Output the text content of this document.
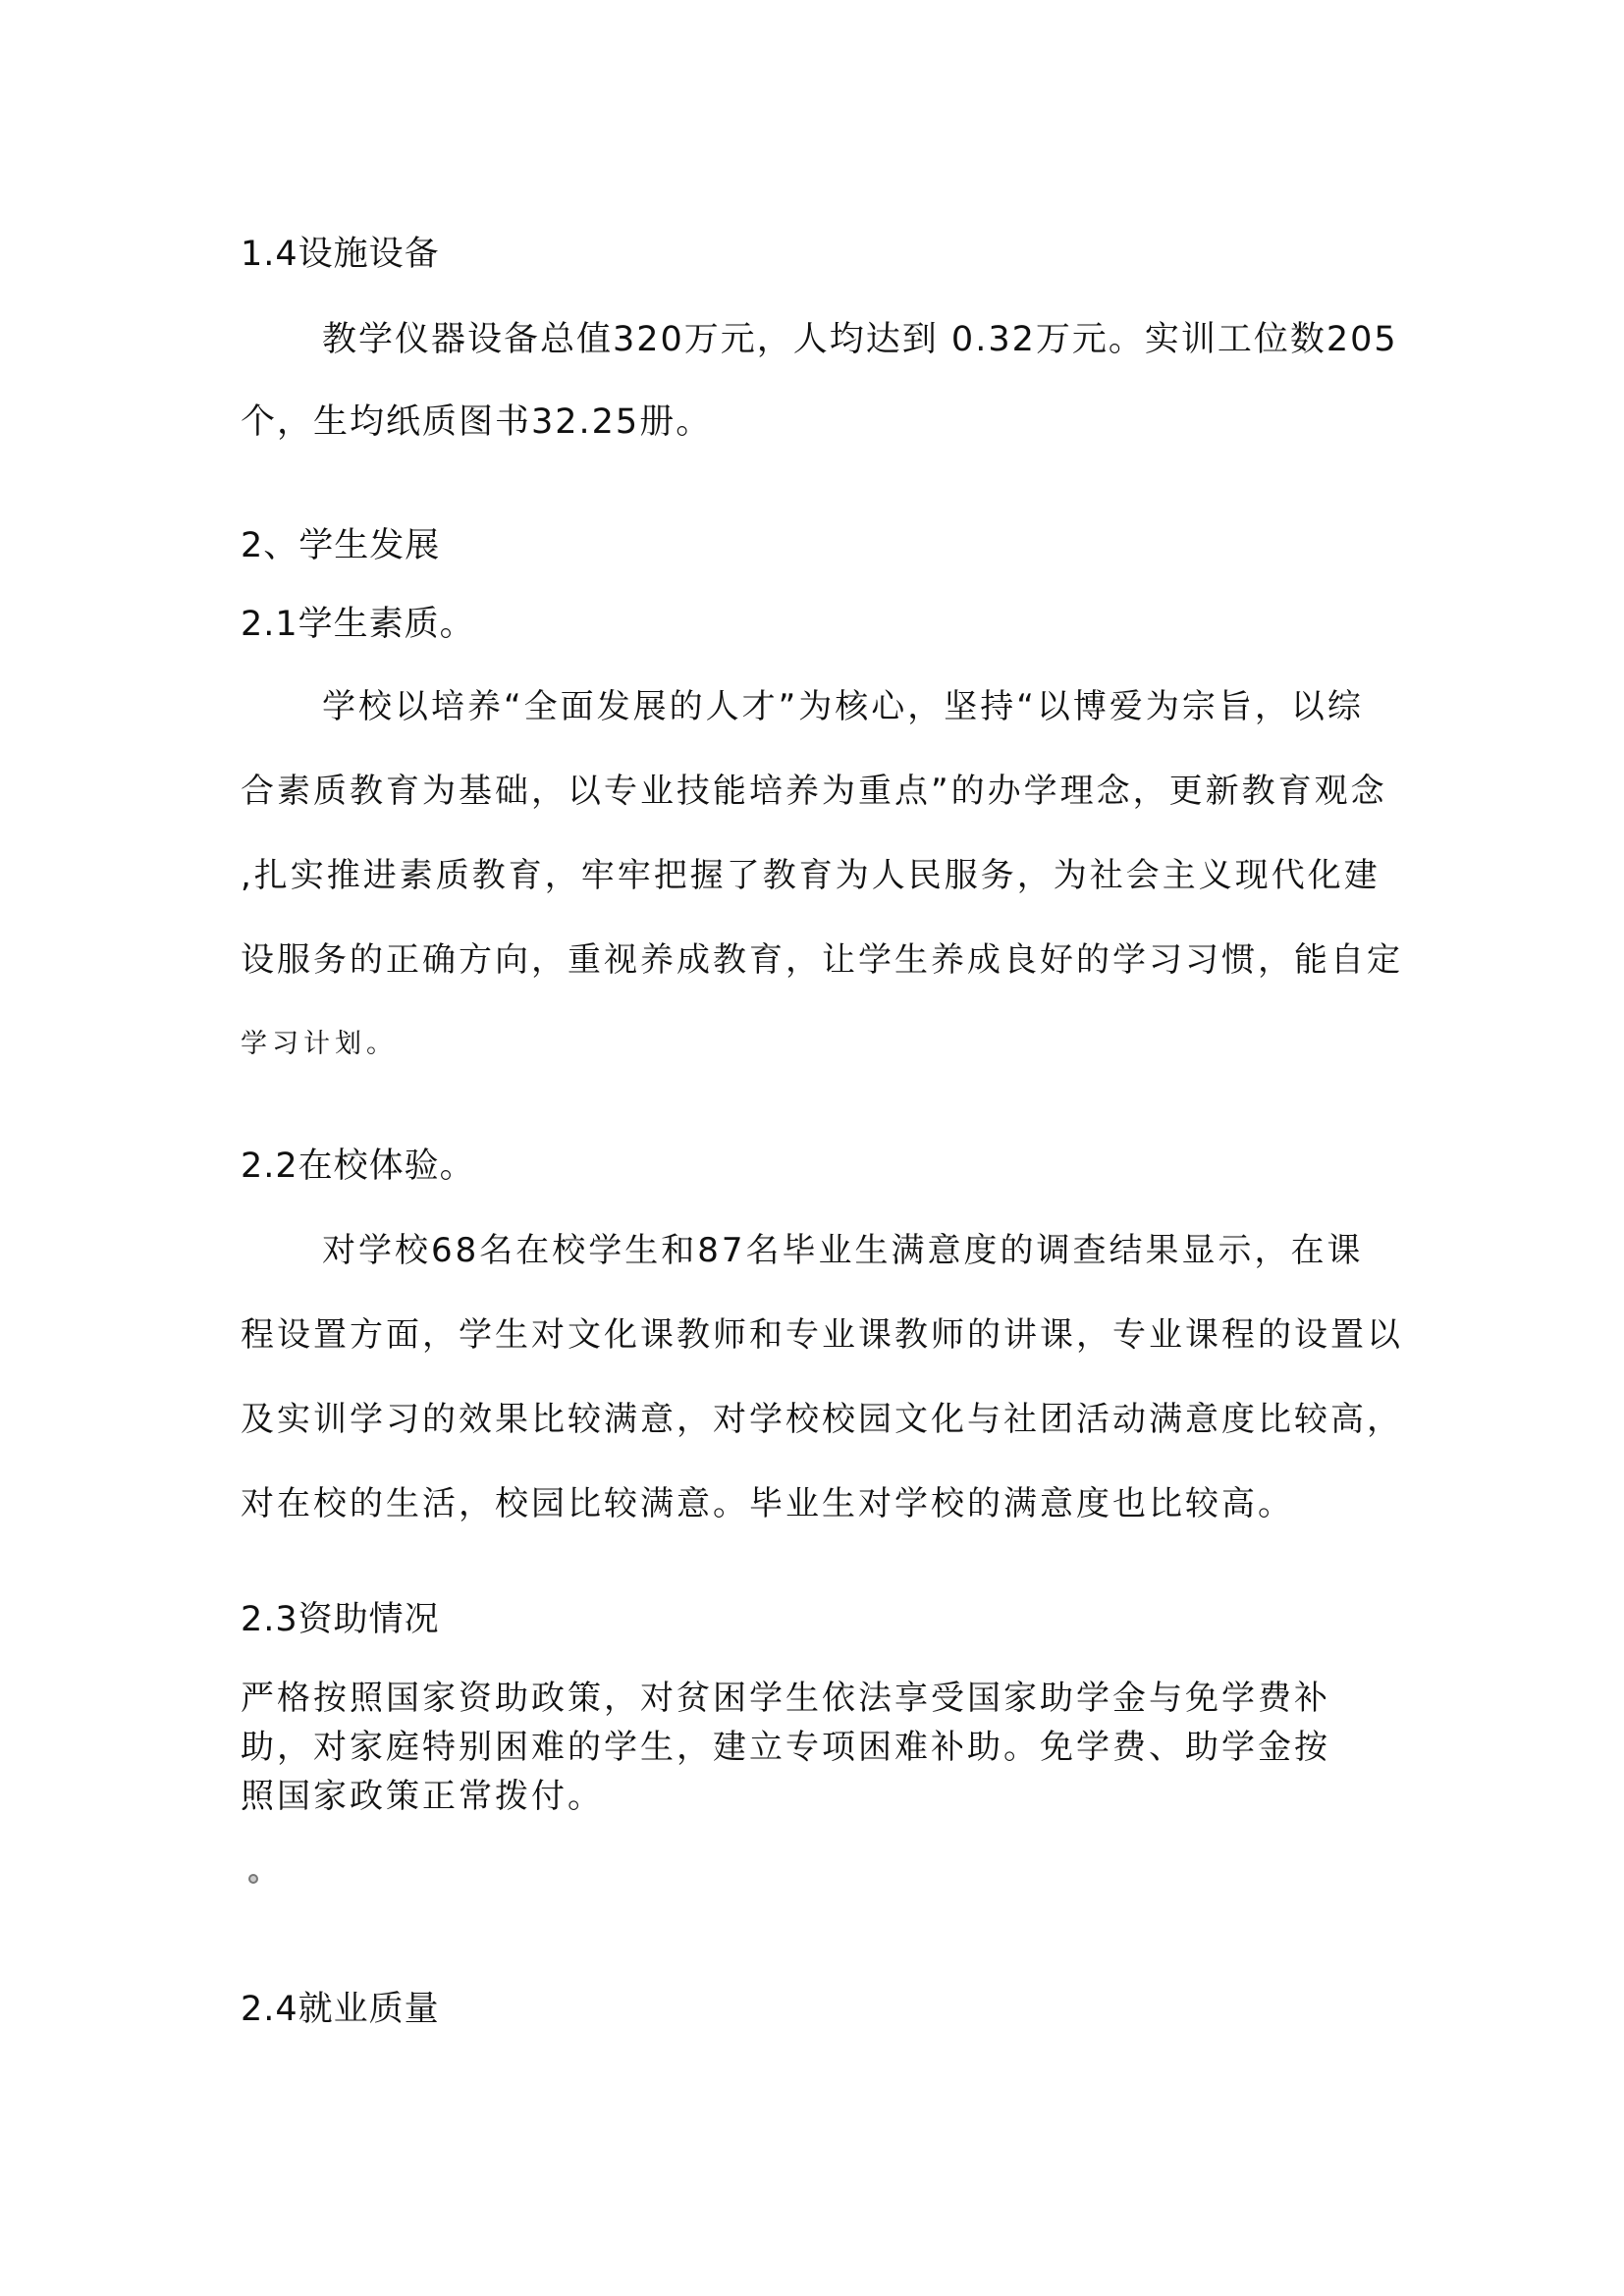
1.4设施设备

教学仪器设备总值320万元，人均达到 0.32万元。实训工位数205

个，生均纸质图书32.25册。

2、学生发展

2.1学生素质。

学校以培养“全面发展的人才”为核心，坚持“以博爱为宗旨，以综

合素质教育为基础，以专业技能培养为重点”的办学理念，更新教育观念

,扎实推进素质教育，牢牢把握了教育为人民服务，为社会主义现代化建

设服务的正确方向，重视养成教育，让学生养成良好的学习习惯，能自定

学习计划。

2.2在校体验。

对学校68名在校学生和87名毕业生满意度的调查结果显示，在课

程设置方面，学生对文化课教师和专业课教师的讲课，专业课程的设置以

及实训学习的效果比较满意，对学校校园文化与社团活动满意度比较高，

对在校的生活，校园比较满意。毕业生对学校的满意度也比较高。

2.3资助情况

严格按照国家资助政策，对贫困学生依法享受国家助学金与免学费补

助，对家庭特别困难的学生，建立专项困难补助。免学费、助学金按

照国家政策正常拨付。

2.4就业质量
